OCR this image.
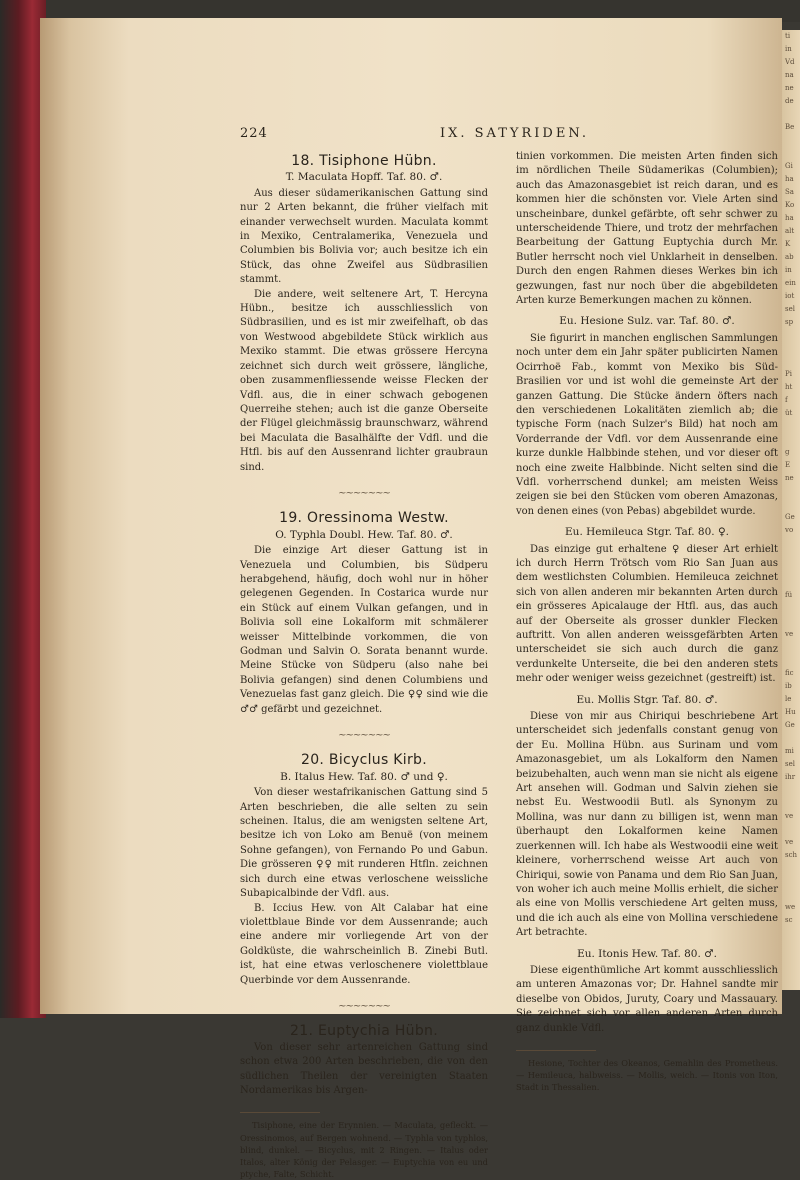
ti
in
Vd
na
ne
de

Be

Gi
ha
Sa
Ko
ha
alt
K
ab
in
ein
iot
sel
sp

Pi
ht
f
üt

g
E
ne

Ge
vo

fü

ve

fic
ib
le
Hu
Ge

mi
sel
ihr

ve

ve
sch

we
sc
224	IX. SATYRIDEN.
18. Tisiphone Hübn.
T. Maculata Hopff. Taf. 80. ♂.

Aus dieser südamerikanischen Gattung sind nur 2 Arten bekannt, die früher vielfach mit einander verwechselt wurden. Maculata kommt in Mexiko, Centralamerika, Venezuela und Columbien bis Bolivia vor; auch besitze ich ein Stück, das ohne Zweifel aus Südbrasilien stammt.

Die andere, weit seltenere Art, T. Hercyna Hübn., besitze ich ausschliesslich von Südbrasilien, und es ist mir zweifelhaft, ob das von Westwood abgebildete Stück wirklich aus Mexiko stammt. Die etwas grössere Hercyna zeichnet sich durch weit grössere, längliche, oben zusammenfliessende weisse Flecken der Vdfl. aus, die in einer schwach gebogenen Querreihe stehen; auch ist die ganze Oberseite der Flügel gleichmässig braunschwarz, während bei Maculata die Basalhälfte der Vdfl. und die Htfl. bis auf den Aussenrand lichter graubraun sind.

~~~~~~~
19. Oressinoma Westw.
O. Typhla Doubl. Hew. Taf. 80. ♂.

Die einzige Art dieser Gattung ist in Venezuela und Columbien, bis Südperu herabgehend, häufig, doch wohl nur in höher gelegenen Gegenden. In Costarica wurde nur ein Stück auf einem Vulkan gefangen, und in Bolivia soll eine Lokalform mit schmälerer weisser Mittelbinde vorkommen, die von Godman und Salvin O. Sorata benannt wurde. Meine Stücke von Südperu (also nahe bei Bolivia gefangen) sind denen Columbiens und Venezuelas fast ganz gleich. Die ♀♀ sind wie die ♂♂ gefärbt und gezeichnet.

~~~~~~~
20. Bicyclus Kirb.
B. Italus Hew. Taf. 80. ♂ und ♀.

Von dieser westafrikanischen Gattung sind 5 Arten beschrieben, die alle selten zu sein scheinen. Italus, die am wenigsten seltene Art, besitze ich von Loko am Benuë (von meinem Sohne gefangen), von Fernando Po und Gabun. Die grösseren ♀♀ mit runderen Htfln. zeichnen sich durch eine etwas verloschene weissliche Subapicalbinde der Vdfl. aus.

B. Iccius Hew. von Alt Calabar hat eine violettblaue Binde vor dem Aussenrande; auch eine andere mir vorliegende Art von der Goldküste, die wahrscheinlich B. Zinebi Butl. ist, hat eine etwas verloschenere violettblaue Querbinde vor dem Aussenrande.

~~~~~~~
21. Euptychia Hübn.

Von dieser sehr artenreichen Gattung sind schon etwa 200 Arten beschrieben, die von den südlichen Theilen der vereinigten Staaten Nordamerikas bis Argen-

Tisiphone, eine der Erynnien. — Maculata, gefleckt. — Oressinomos, auf Bergen wohnend. — Typhla von typhlos, blind, dunkel. — Bicyclus, mit 2 Ringen. — Italus oder Italos, alter König der Pelasger. — Euptychia von eu und ptyche, Falte, Schicht.

tinien vorkommen. Die meisten Arten finden sich im nördlichen Theile Südamerikas (Columbien); auch das Amazonasgebiet ist reich daran, und es kommen hier die schönsten vor. Viele Arten sind unscheinbare, dunkel gefärbte, oft sehr schwer zu unterscheidende Thiere, und trotz der mehrfachen Bearbeitung der Gattung Euptychia durch Mr. Butler herrscht noch viel Unklarheit in denselben. Durch den engen Rahmen dieses Werkes bin ich gezwungen, fast nur noch über die abgebildeten Arten kurze Bemerkungen machen zu können.

Eu. Hesione Sulz. var. Taf. 80. ♂.

Sie figurirt in manchen englischen Sammlungen noch unter dem ein Jahr später publicirten Namen Ocirrhoë Fab., kommt von Mexiko bis Süd-Brasilien vor und ist wohl die gemeinste Art der ganzen Gattung. Die Stücke ändern öfters nach den verschiedenen Lokalitäten ziemlich ab; die typische Form (nach Sulzer's Bild) hat noch am Vorderrande der Vdfl. vor dem Aussenrande eine kurze dunkle Halbbinde stehen, und vor dieser oft noch eine zweite Halbbinde. Nicht selten sind die Vdfl. vorherrschend dunkel; am meisten Weiss zeigen sie bei den Stücken vom oberen Amazonas, von denen eines (von Pebas) abgebildet wurde.

Eu. Hemileuca Stgr. Taf. 80. ♀.

Das einzige gut erhaltene ♀ dieser Art erhielt ich durch Herrn Trötsch vom Rio San Juan aus dem westlichsten Columbien. Hemileuca zeichnet sich von allen anderen mir bekannten Arten durch ein grösseres Apicalauge der Htfl. aus, das auch auf der Oberseite als grosser dunkler Flecken auftritt. Von allen anderen weissgefärbten Arten unterscheidet sie sich auch durch die ganz verdunkelte Unterseite, die bei den anderen stets mehr oder weniger weiss gezeichnet (gestreift) ist.

Eu. Mollis Stgr. Taf. 80. ♂.

Diese von mir aus Chiriqui beschriebene Art unterscheidet sich jedenfalls constant genug von der Eu. Mollina Hübn. aus Surinam und vom Amazonasgebiet, um als Lokalform den Namen beizubehalten, auch wenn man sie nicht als eigene Art ansehen will. Godman und Salvin ziehen sie nebst Eu. Westwoodii Butl. als Synonym zu Mollina, was nur dann zu billigen ist, wenn man überhaupt den Lokalformen keine Namen zuerkennen will. Ich habe als Westwoodii eine weit kleinere, vorherrschend weisse Art auch von Chiriqui, sowie von Panama und dem Rio San Juan, von woher ich auch meine Mollis erhielt, die sicher als eine von Mollis verschiedene Art gelten muss, und die ich auch als eine von Mollina verschiedene Art betrachte.

Eu. Itonis Hew. Taf. 80. ♂.

Diese eigenthümliche Art kommt ausschliesslich am unteren Amazonas vor; Dr. Hahnel sandte mir dieselbe von Obidos, Juruty, Coary und Massauary. Sie zeichnet sich vor allen anderen Arten durch ganz dunkle Vdfl.

Hesione, Tochter des Okeanos, Gemahlin des Prometheus. — Hemileuca, halbweiss. — Mollis, weich. — Itonis von Iton, Stadt in Thessalien.
